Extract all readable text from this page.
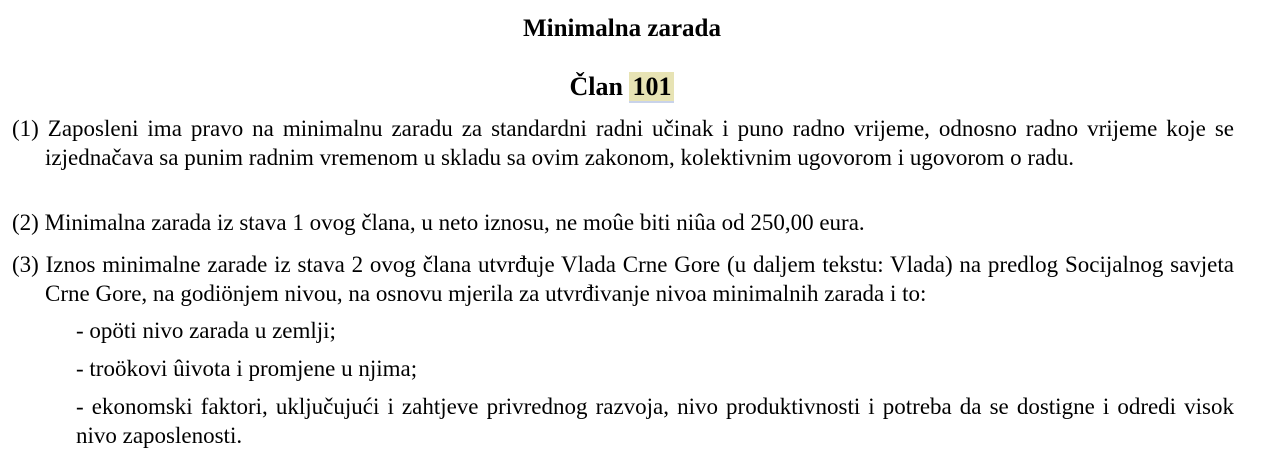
Minimalna zarada
Član 101
(1) Zaposleni ima pravo na minimalnu zaradu za standardni radni učinak i puno radno vrijeme, odnosno radno vrijeme koje se izjednačava sa punim radnim vremenom u skladu sa ovim zakonom, kolektivnim ugovorom i ugovorom o radu.
(2) Minimalna zarada iz stava 1 ovog člana, u neto iznosu, ne moûe biti niûa od 250,00 eura.
(3) Iznos minimalne zarade iz stava 2 ovog člana utvrđuje Vlada Crne Gore (u daljem tekstu: Vlada) na predlog Socijalnog savjeta Crne Gore, na godiönjem nivou, na osnovu mjerila za utvrđivanje nivoa minimalnih zarada i to:
- opöti nivo zarada u zemlji;
- troökovi ûivota i promjene u njima;
- ekonomski faktori, uključujući i zahtjeve privrednog razvoja, nivo produktivnosti i potreba da se dostigne i odredi visok nivo zaposlenosti.
